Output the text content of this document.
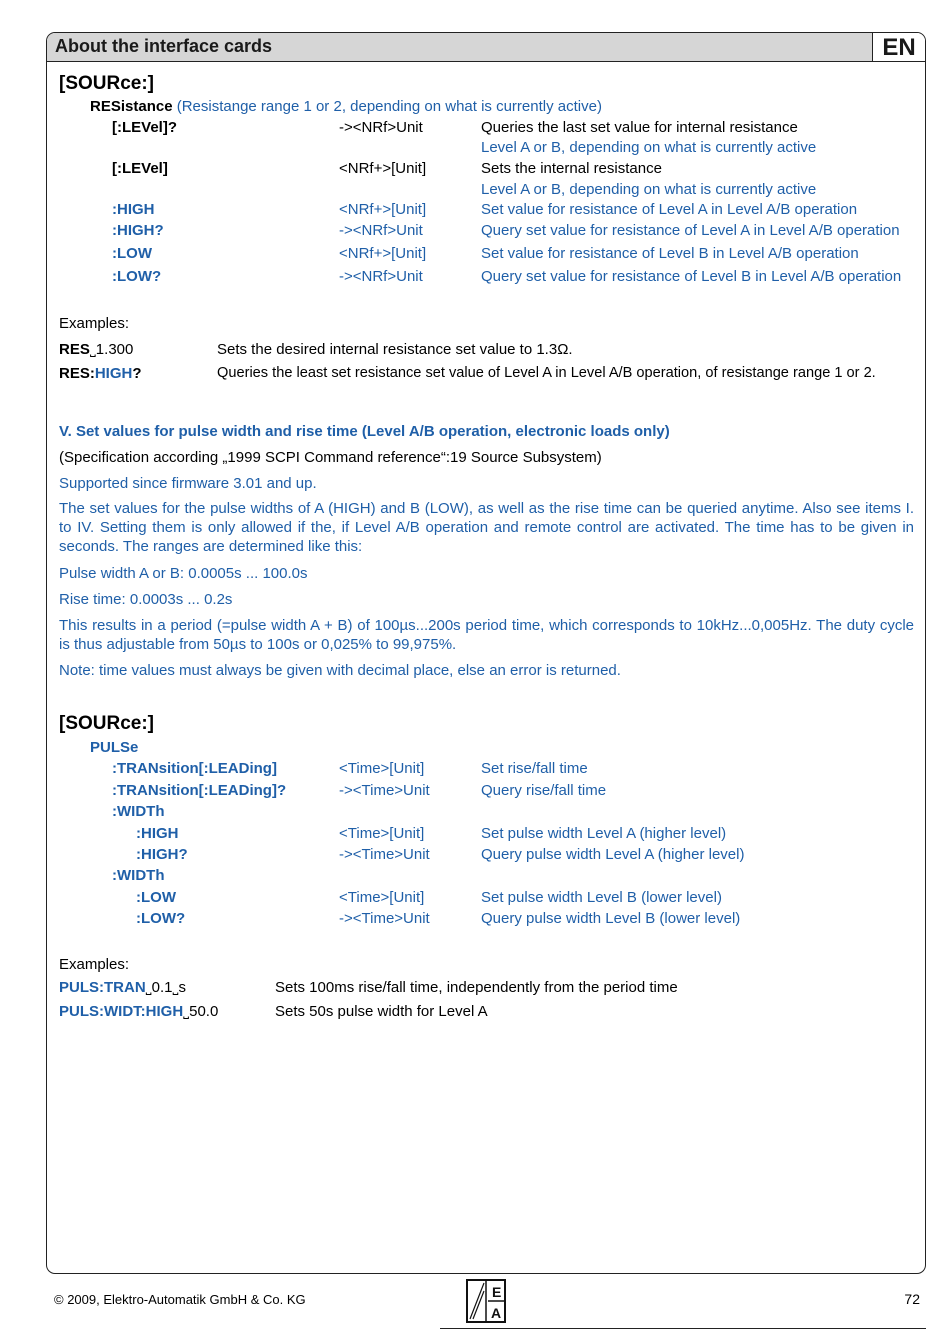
About the interface cards	EN
[SOURce:]
RESistance (Resistange range 1 or 2, depending on what is currently active)
[:LEVel]?	-><NRf>Unit	Queries the last set value for internal resistance
Level A or B, depending on what is currently active
[:LEVel]	<NRf+>[Unit]	Sets the internal resistance
Level A or B, depending on what is currently active
:HIGH	<NRf+>[Unit]	Set value for resistance of Level A in Level A/B operation
:HIGH?	-><NRf>Unit	Query set value for resistance of Level A in Level A/B operation
:LOW	<NRf+>[Unit]	Set value for resistance of Level B in Level A/B operation
:LOW?	-><NRf>Unit	Query set value for resistance of Level B in Level A/B operation
Examples:
RES˽1.300	Sets the desired internal resistance set value to 1.3Ω.
RES:HIGH?	Queries the least set resistance set value of Level A in Level A/B operation, of resistange range 1 or 2.
V. Set values for pulse width and rise time (Level A/B operation, electronic loads only)
(Specification according „1999 SCPI Command reference“:19 Source Subsystem)
Supported since firmware 3.01 and up.
The set values for the pulse widths of A (HIGH) and B (LOW), as well as the rise time can be queried anytime. Also see items I. to IV. Setting them is only allowed if the, if Level A/B operation and remote control are activated. The time has to be given in seconds. The ranges are determined like this:
Pulse width A or B: 0.0005s ... 100.0s
Rise time: 0.0003s ... 0.2s
This results in a period (=pulse width A + B) of 100µs...200s period time, which corresponds to 10kHz...0,005Hz. The duty cycle is thus adjustable from 50µs to 100s or 0,025% to 99,975%.
Note: time values must always be given with decimal place, else an error is returned.
[SOURce:]
PULSe
:TRANsition[:LEADing]	<Time>[Unit]	Set rise/fall time
:TRANsition[:LEADing]?	-><Time>Unit	Query rise/fall time
:WIDTh
:HIGH	<Time>[Unit]	Set pulse width Level A (higher level)
:HIGH?	-><Time>Unit	Query pulse width Level A (higher level)
:WIDTh
:LOW	<Time>[Unit]	Set pulse width Level B (lower level)
:LOW?	-><Time>Unit	Query pulse width Level B (lower level)
Examples:
PULS:TRAN˽0.1˽s	Sets 100ms rise/fall time, independently from the period time
PULS:WIDT:HIGH˽50.0	Sets 50s pulse width for Level A
© 2009, Elektro-Automatik GmbH & Co. KG	E
A
72
